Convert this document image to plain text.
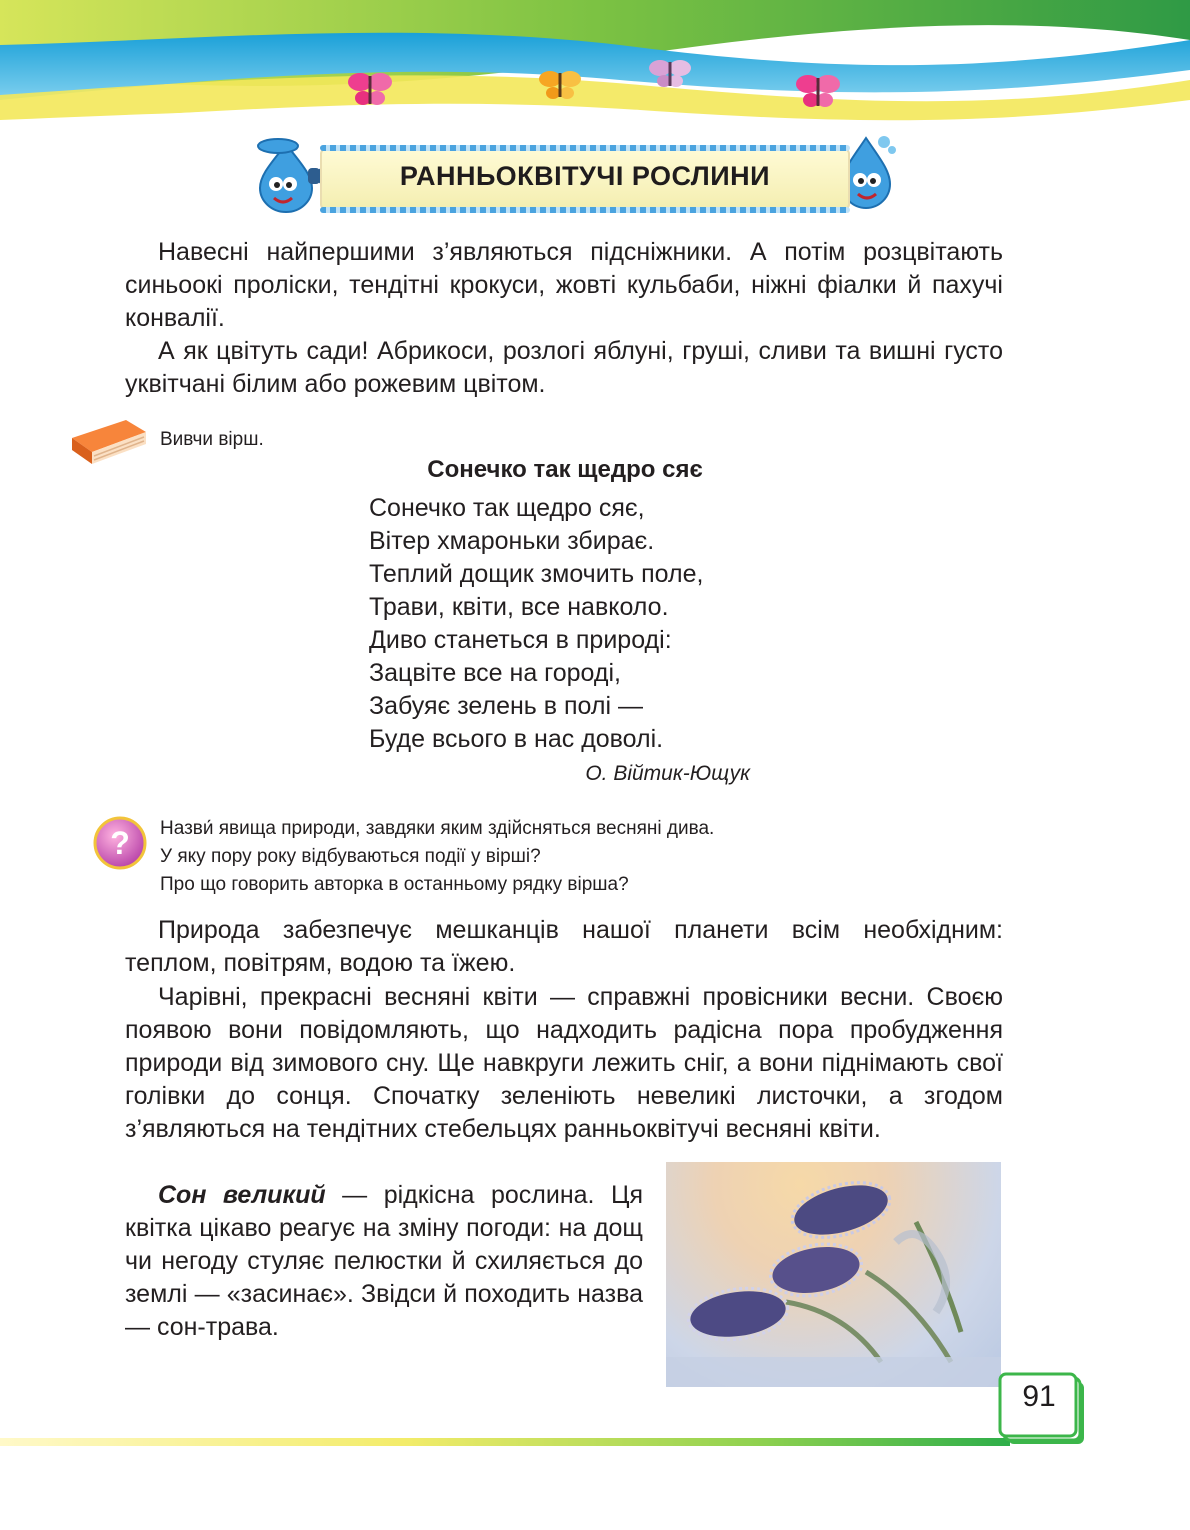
РАННЬОКВІТУЧІ РОСЛИНИ

Навесні найпершими з’являються підсніжники. А потім розцвітають синьоокі проліски, тендітні крокуси, жовті кульбаби, ніжні фіалки й пахучі конвалії.

А як цвітуть сади! Абрикоси, розлогі яблуні, груші, сливи та вишні густо уквітчані білим або рожевим цвітом.

Вивчи вірш.
Сонечко так щедро сяє
Сонечко так щедро сяє,
Вітер хмароньки збирає.
Теплий дощик змочить поле,
Трави, квіти, все навколо.
Диво станеться в природі:
Зацвіте все на городі,
Забуяє зелень в полі —
Буде всього в нас доволі.
О. Війтик-Ющук
? Назви́ явища природи, завдяки яким здійсняться весняні дива.
У яку пору року відбуваються події у вірші?
Про що говорить авторка в останньому рядку вірша?

Природа забезпечує мешканців нашої планети всім необхідним: теплом, повітрям, водою та їжею.

Чарівні, прекрасні весняні квіти — справжні провісники весни. Своєю появою вони повідомляють, що надходить радісна пора пробудження природи від зимового сну. Ще навкруги лежить сніг, а вони піднімають свої голівки до сонця. Спочатку зеленіють невеликі листочки, а згодом з’являються на тендітних стебельцях ранньоквітучі весняні квіти.

Сон великий — рідкісна рослина. Ця квітка цікаво реагує на зміну погоди: на дощ чи негоду стуляє пелюстки й схиляється до землі — «засинає». Звідси й походить назва — сон-трава.

91
